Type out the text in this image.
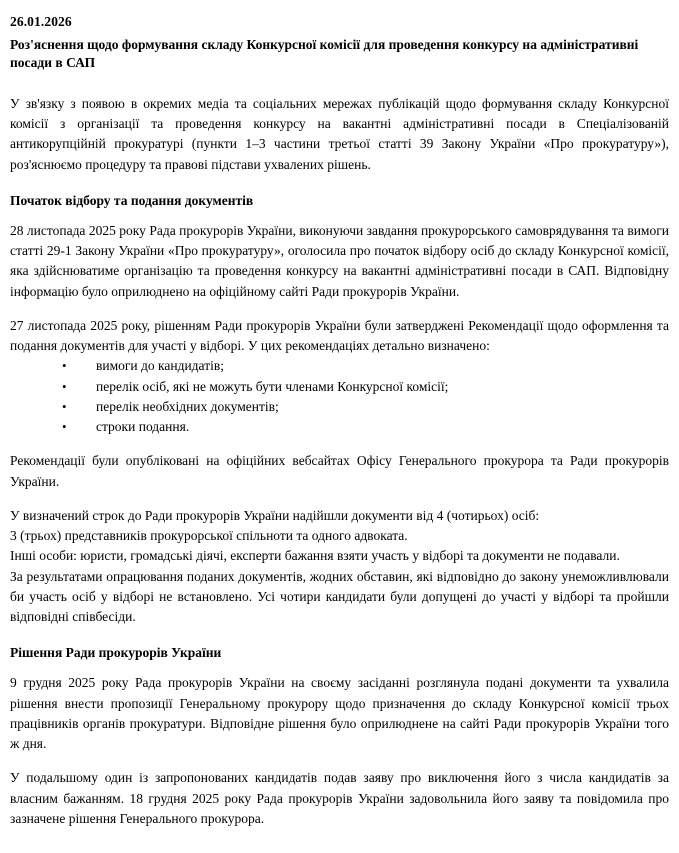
26.01.2026
Роз'яснення щодо формування складу Конкурсної комісії для проведення конкурсу на адміністративні посади в САП

У зв'язку з появою в окремих медіа та соціальних мережах публікацій щодо формування складу Конкурсної комісії з організації та проведення конкурсу на вакантні адміністративні посади в Спеціалізованій антикорупційній прокуратурі (пункти 1–3 частини третьої статті 39 Закону України «Про прокуратуру»), роз'яснюємо процедуру та правові підстави ухвалених рішень.

Початок відбору та подання документів

28 листопада 2025 року Рада прокурорів України, виконуючи завдання прокурорського самоврядування та вимоги статті 29-1 Закону України «Про прокуратуру», оголосила про початок відбору осіб до складу Конкурсної комісії, яка здійснюватиме організацію та проведення конкурсу на вакантні адміністративні посади в САП. Відповідну інформацію було оприлюднено на офіційному сайті Ради прокурорів України.

27 листопада 2025 року, рішенням Ради прокурорів України були затверджені Рекомендації щодо оформлення та подання документів для участі у відборі. У цих рекомендаціях детально визначено:

• вимоги до кандидатів;
• перелік осіб, які не можуть бути членами Конкурсної комісії;
• перелік необхідних документів;
• строки подання.

Рекомендації були опубліковані на офіційних вебсайтах Офісу Генерального прокурора та Ради прокурорів України.

У визначений строк до Ради прокурорів України надійшли документи від 4 (чотирьох) осіб:

3 (трьох) представників прокурорської спільноти та одного адвоката.

Інші особи: юристи, громадські діячі, експерти бажання взяти участь у відборі та документи не подавали.

За результатами опрацювання поданих документів, жодних обставин, які відповідно до закону унеможливлювали би участь осіб у відборі не встановлено. Усі чотири кандидати були допущені до участі у відборі та пройшли відповідні співбесіди.

Рішення Ради прокурорів України

9 грудня 2025 року Рада прокурорів України на своєму засіданні розглянула подані документи та ухвалила рішення внести пропозиції Генеральному прокурору щодо призначення до складу Конкурсної комісії трьох працівників органів прокуратури. Відповідне рішення було оприлюднене на сайті Ради прокурорів України того ж дня.

У подальшому один із запропонованих кандидатів подав заяву про виключення його з числа кандидатів за власним бажанням. 18 грудня 2025 року Рада прокурорів України задовольнила його заяву та повідомила про зазначене рішення Генерального прокурора.
